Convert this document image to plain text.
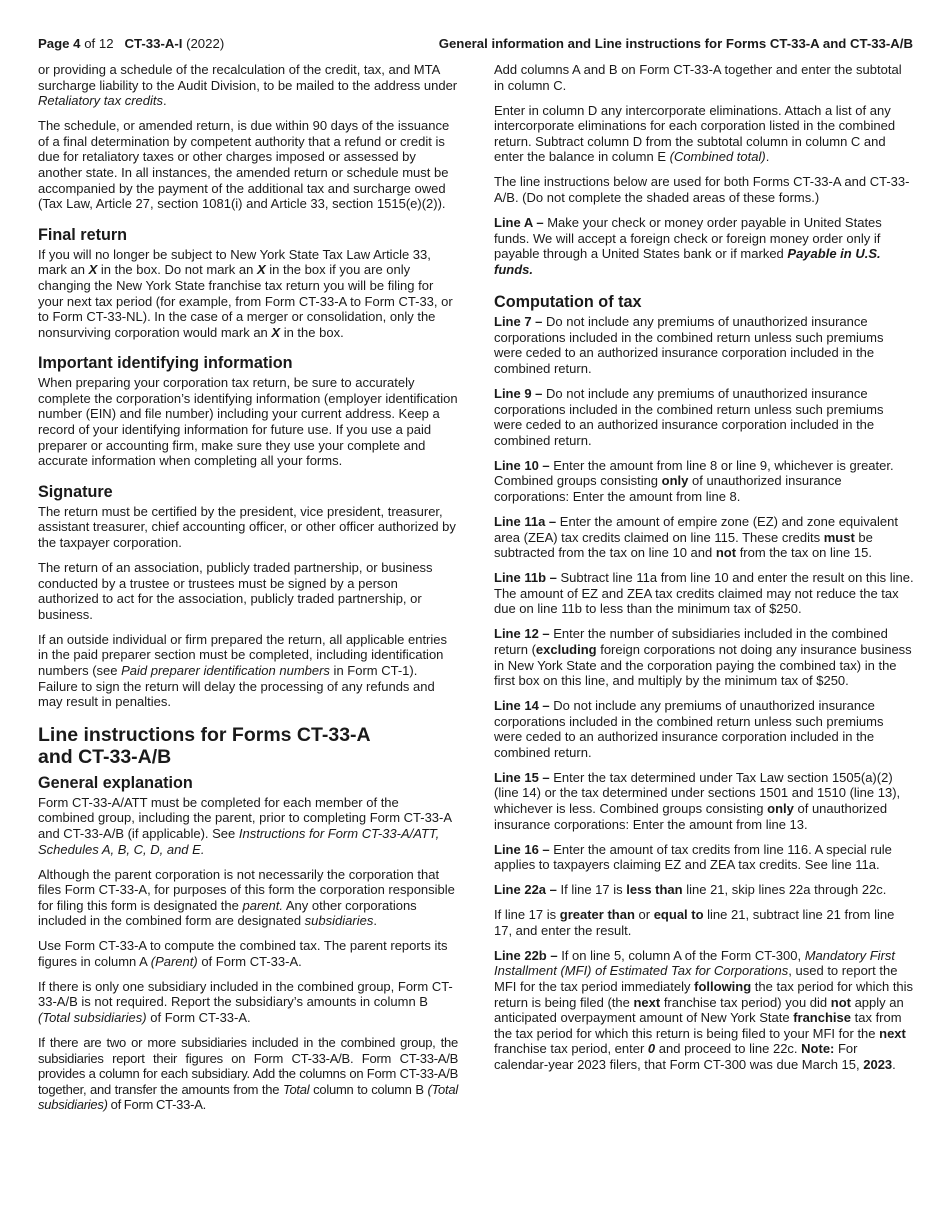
Page 4 of 12 CT-33-A-I (2022)	General information and Line instructions for Forms CT-33-A and CT-33-A/B

or providing a schedule of the recalculation of the credit, tax, and MTA surcharge liability to the Audit Division, to be mailed to the address under Retaliatory tax credits.

The schedule, or amended return, is due within 90 days of the issuance of a final determination by competent authority that a refund or credit is due for retaliatory taxes or other charges imposed or assessed by another state. In all instances, the amended return or schedule must be accompanied by the payment of the additional tax and surcharge owed (Tax Law, Article 27, section 1081(i) and Article 33, section 1515(e)(2)).

Final return

If you will no longer be subject to New York State Tax Law Article 33, mark an X in the box. Do not mark an X in the box if you are only changing the New York State franchise tax return you will be filing for your next tax period (for example, from Form CT-33-A to Form CT-33, or to Form CT-33-NL). In the case of a merger or consolidation, only the nonsurviving corporation would mark an X in the box.

Important identifying information

When preparing your corporation tax return, be sure to accurately complete the corporation’s identifying information (employer identification number (EIN) and file number) including your current address. Keep a record of your identifying information for future use. If you use a paid preparer or accounting firm, make sure they use your complete and accurate information when completing all your forms.

Signature

The return must be certified by the president, vice president, treasurer, assistant treasurer, chief accounting officer, or other officer authorized by the taxpayer corporation.

The return of an association, publicly traded partnership, or business conducted by a trustee or trustees must be signed by a person authorized to act for the association, publicly traded partnership, or business.

If an outside individual or firm prepared the return, all applicable entries in the paid preparer section must be completed, including identification numbers (see Paid preparer identification numbers in Form CT-1). Failure to sign the return will delay the processing of any refunds and may result in penalties.

Line instructions for Forms CT-33-A
and CT-33-A/B
General explanation

Form CT-33-A/ATT must be completed for each member of the combined group, including the parent, prior to completing Form CT-33-A and CT-33-A/B (if applicable). See Instructions for Form CT-33-A/ATT, Schedules A, B, C, D, and E.

Although the parent corporation is not necessarily the corporation that files Form CT-33-A, for purposes of this form the corporation responsible for filing this form is designated the parent. Any other corporations included in the combined form are designated subsidiaries.

Use Form CT-33-A to compute the combined tax. The parent reports its figures in column A (Parent) of Form CT-33-A.

If there is only one subsidiary included in the combined group, Form CT-33-A/B is not required. Report the subsidiary’s amounts in column B (Total subsidiaries) of Form CT-33-A.

If there are two or more subsidiaries included in the combined group, the subsidiaries report their figures on Form CT-33-A/B. Form CT-33-A/B provides a column for each subsidiary. Add the columns on Form CT-33-A/B together, and transfer the amounts from the Total column to column B (Total subsidiaries) of Form CT-33-A.

Add columns A and B on Form CT-33-A together and enter the subtotal in column C.

Enter in column D any intercorporate eliminations. Attach a list of any intercorporate eliminations for each corporation listed in the combined return. Subtract column D from the subtotal column in column C and enter the balance in column E (Combined total).

The line instructions below are used for both Forms CT-33-A and CT-33-A/B. (Do not complete the shaded areas of these forms.)

Line A – Make your check or money order payable in United States funds. We will accept a foreign check or foreign money order only if payable through a United States bank or if marked Payable in U.S. funds.

Computation of tax

Line 7 – Do not include any premiums of unauthorized insurance corporations included in the combined return unless such premiums were ceded to an authorized insurance corporation included in the combined return.

Line 9 – Do not include any premiums of unauthorized insurance corporations included in the combined return unless such premiums were ceded to an authorized insurance corporation included in the combined return.

Line 10 – Enter the amount from line 8 or line 9, whichever is greater. Combined groups consisting only of unauthorized insurance corporations: Enter the amount from line 8.

Line 11a – Enter the amount of empire zone (EZ) and zone equivalent area (ZEA) tax credits claimed on line 115. These credits must be subtracted from the tax on line 10 and not from the tax on line 15.

Line 11b – Subtract line 11a from line 10 and enter the result on this line. The amount of EZ and ZEA tax credits claimed may not reduce the tax due on line 11b to less than the minimum tax of $250.

Line 12 – Enter the number of subsidiaries included in the combined return (excluding foreign corporations not doing any insurance business in New York State and the corporation paying the combined tax) in the first box on this line, and multiply by the minimum tax of $250.

Line 14 – Do not include any premiums of unauthorized insurance corporations included in the combined return unless such premiums were ceded to an authorized insurance corporation included in the combined return.

Line 15 – Enter the tax determined under Tax Law section 1505(a)(2) (line 14) or the tax determined under sections 1501 and 1510 (line 13), whichever is less. Combined groups consisting only of unauthorized insurance corporations: Enter the amount from line 13.

Line 16 – Enter the amount of tax credits from line 116. A special rule applies to taxpayers claiming EZ and ZEA tax credits. See line 11a.

Line 22a – If line 17 is less than line 21, skip lines 22a through 22c.

If line 17 is greater than or equal to line 21, subtract line 21 from line 17, and enter the result.

Line 22b – If on line 5, column A of the Form CT-300, Mandatory First Installment (MFI) of Estimated Tax for Corporations, used to report the MFI for the tax period immediately following the tax period for which this return is being filed (the next franchise tax period) you did not apply an anticipated overpayment amount of New York State franchise tax from the tax period for which this return is being filed to your MFI for the next franchise tax period, enter 0 and proceed to line 22c. Note: For calendar-year 2023 filers, that Form CT-300 was due March 15, 2023.
